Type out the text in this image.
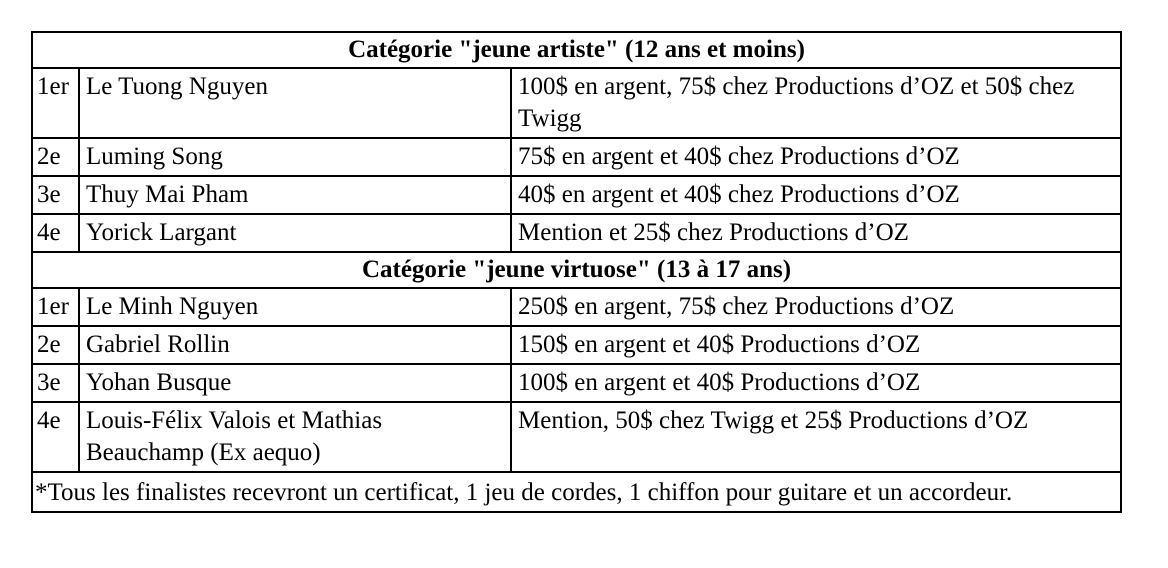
Catégorie "jeune artiste" (12 ans et moins)		
1er	Le Tuong Nguyen	100$ en argent, 75$ chez Productions d’OZ et 50$ chez Twigg
2e	Luming Song	75$ en argent et 40$ chez Productions d’OZ
3e	Thuy Mai Pham	40$ en argent et 40$ chez Productions d’OZ
4e	Yorick Largant	Mention et 25$ chez Productions d’OZ
Catégorie "jeune virtuose" (13 à 17 ans)		
1er	Le Minh Nguyen	250$ en argent, 75$ chez Productions d’OZ
2e	Gabriel Rollin	150$ en argent et 40$ Productions d’OZ
3e	Yohan Busque	100$ en argent et 40$ Productions d’OZ
4e	Louis-Félix Valois et Mathias Beauchamp (Ex aequo)	Mention, 50$ chez Twigg et 25$ Productions d’OZ
*Tous les finalistes recevront un certificat, 1 jeu de cordes, 1 chiffon pour guitare et un accordeur.		
